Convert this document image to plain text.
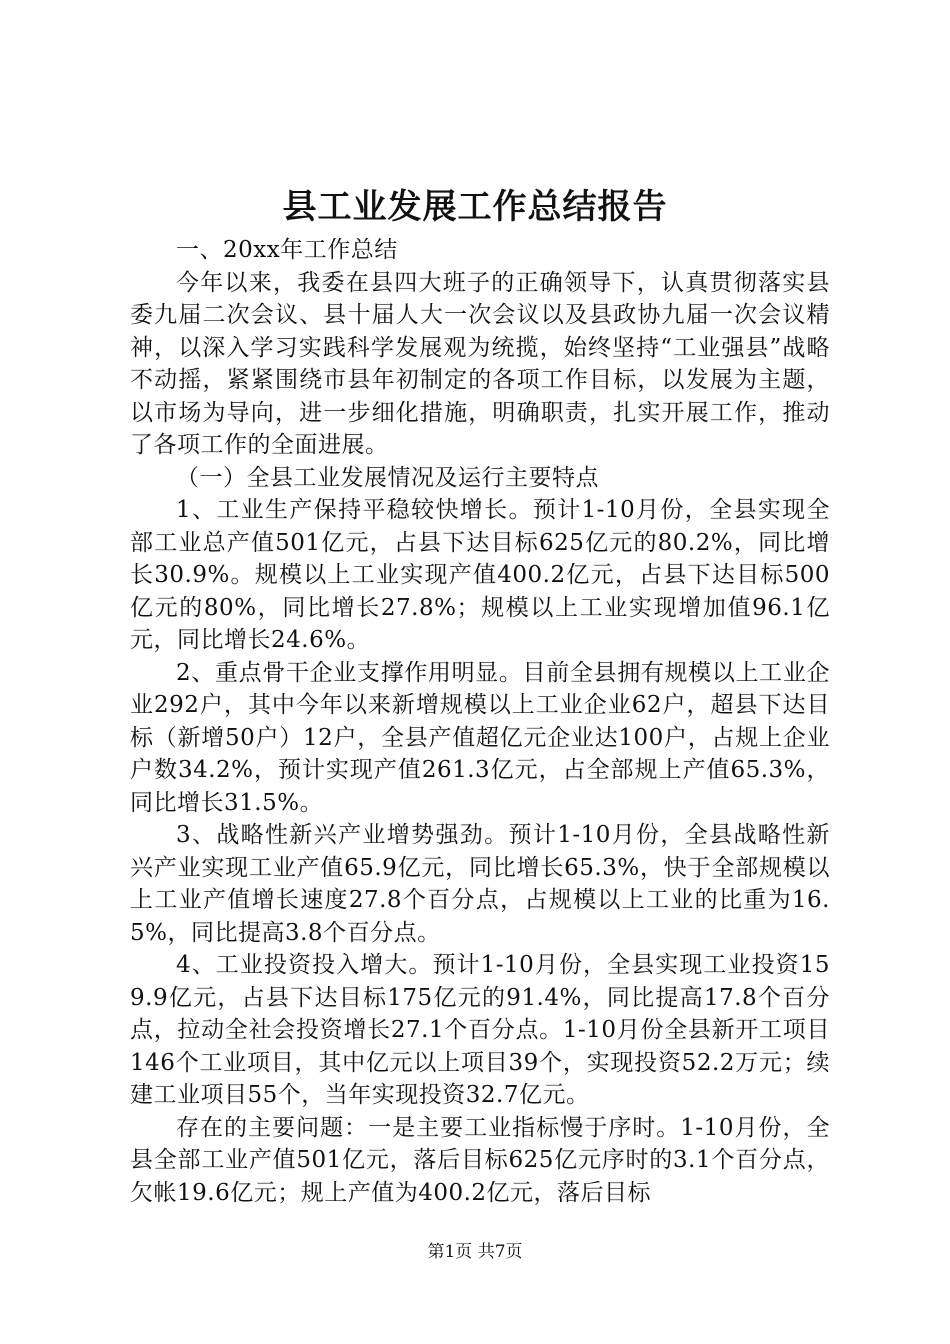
县工业发展工作总结报告

一、20xx年工作总结

今年以来，我委在县四大班子的正确领导下，认真贯彻落实县委九届二次会议、县十届人大一次会议以及县政协九届一次会议精神，以深入学习实践科学发展观为统揽，始终坚持“工业强县”战略不动摇，紧紧围绕市县年初制定的各项工作目标，以发展为主题，以市场为导向，进一步细化措施，明确职责，扎实开展工作，推动了各项工作的全面进展。

（一）全县工业发展情况及运行主要特点

1、工业生产保持平稳较快增长。预计1-10月份，全县实现全部工业总产值501亿元，占县下达目标625亿元的80.2%，同比增长30.9%。规模以上工业实现产值400.2亿元，占县下达目标500亿元的80%，同比增长27.8%；规模以上工业实现增加值96.1亿元，同比增长24.6%。

2、重点骨干企业支撑作用明显。目前全县拥有规模以上工业企业292户，其中今年以来新增规模以上工业企业62户，超县下达目标（新增50户）12户，全县产值超亿元企业达100户，占规上企业户数34.2%，预计实现产值261.3亿元，占全部规上产值65.3%，同比增长31.5%。

3、战略性新兴产业增势强劲。预计1-10月份，全县战略性新兴产业实现工业产值65.9亿元，同比增长65.3%，快于全部规模以上工业产值增长速度27.8个百分点，占规模以上工业的比重为16.5%，同比提高3.8个百分点。

4、工业投资投入增大。预计1-10月份，全县实现工业投资159.9亿元，占县下达目标175亿元的91.4%，同比提高17.8个百分点，拉动全社会投资增长27.1个百分点。1-10月份全县新开工项目146个工业项目，其中亿元以上项目39个，实现投资52.2万元；续建工业项目55个，当年实现投资32.7亿元。

存在的主要问题：一是主要工业指标慢于序时。1-10月份，全县全部工业产值501亿元，落后目标625亿元序时的3.1个百分点，欠帐19.6亿元；规上产值为400.2亿元，落后目标

第1页 共7页
